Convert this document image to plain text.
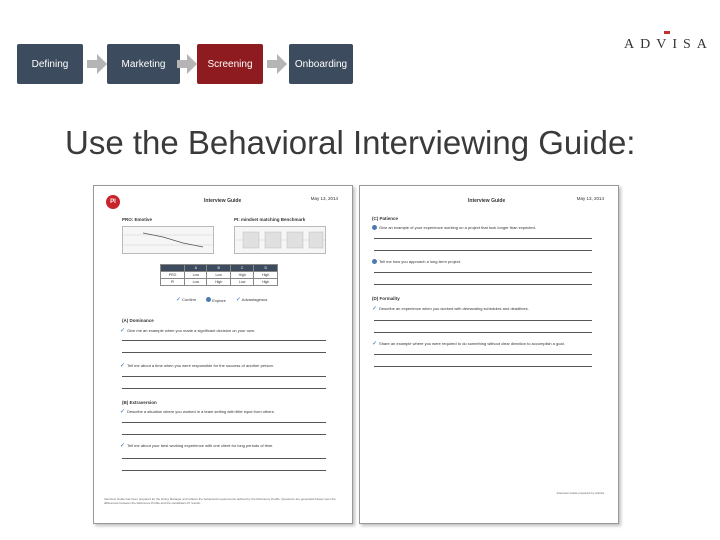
Defining	Marketing	Screening	Onboarding
ADVISA
Use the Behavioral Interviewing Guide:
PI	Interview Guide	May 13, 2014
PRO: Emotive	PI: mindset matching Benchmark
	A	B	C	D
PRO	Low	Low	High	High
PI	Low	High	Low	High
✓ Confirm	Explore ✓ Advantageous
(A) Dominance
✓ Give me an example when you made a significant decision on your own.
✓ Tell me about a time when you were responsible for the success of another person.
(B) Extraversion
✓ Describe a situation where you worked in a team setting with little input from others.
✓ Tell me about your best working experience with one client for long periods of time.
Interview Guide has been prepared for the Hiring Manager and reflects the behavioral requirements defined by the Reference Profile. Questions are generated based upon the differences between the Reference Profile and the candidate's PI results.
Interview Guide	May 13, 2014
(C) Patience
Give an example of your experience working on a project that took longer than expected.
Tell me how you approach a long-term project.
(D) Formality
✓ Describe an experience when you worked with demanding schedules and deadlines.
✓ Share an example where you were required to do something without clear direction to accomplish a goal.
Interview Guide prepared by Advisa
